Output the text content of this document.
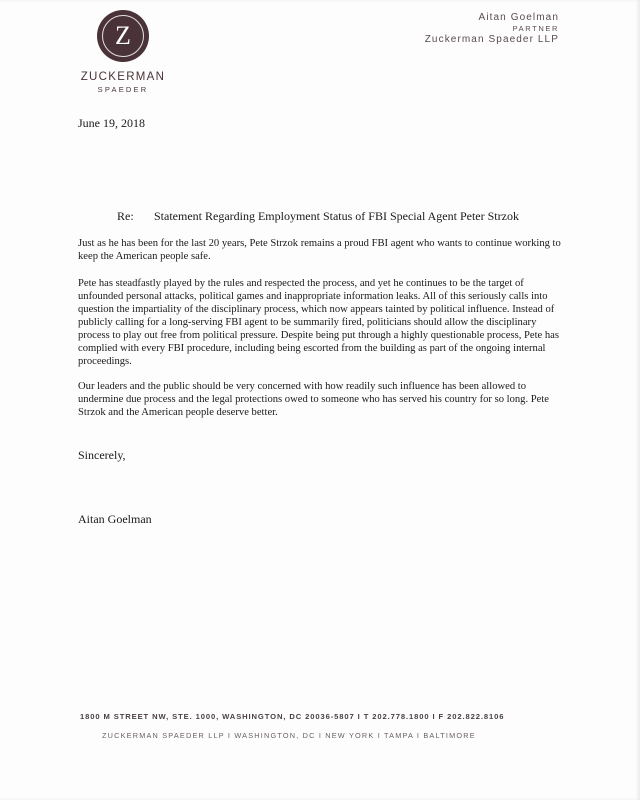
Z
ZUCKERMAN
SPAEDER
Aitan Goelman
PARTNER
Zuckerman Spaeder LLP
June 19, 2018
Re: Statement Regarding Employment Status of FBI Special Agent Peter Strzok

Just as he has been for the last 20 years, Pete Strzok remains a proud FBI agent who wants to continue working to keep the American people safe.

Pete has steadfastly played by the rules and respected the process, and yet he continues to be the target of unfounded personal attacks, political games and inappropriate information leaks. All of this seriously calls into question the impartiality of the disciplinary process, which now appears tainted by political influence. Instead of publicly calling for a long-serving FBI agent to be summarily fired, politicians should allow the disciplinary process to play out free from political pressure. Despite being put through a highly questionable process, Pete has complied with every FBI procedure, including being escorted from the building as part of the ongoing internal proceedings.

Our leaders and the public should be very concerned with how readily such influence has been allowed to undermine due process and the legal protections owed to someone who has served his country for so long. Pete Strzok and the American people deserve better.

Sincerely,
Aitan Goelman
1800 M STREET NW, STE. 1000, WASHINGTON, DC 20036-5807 I T 202.778.1800 I F 202.822.8106
ZUCKERMAN SPAEDER LLP I WASHINGTON, DC I NEW YORK I TAMPA I BALTIMORE
